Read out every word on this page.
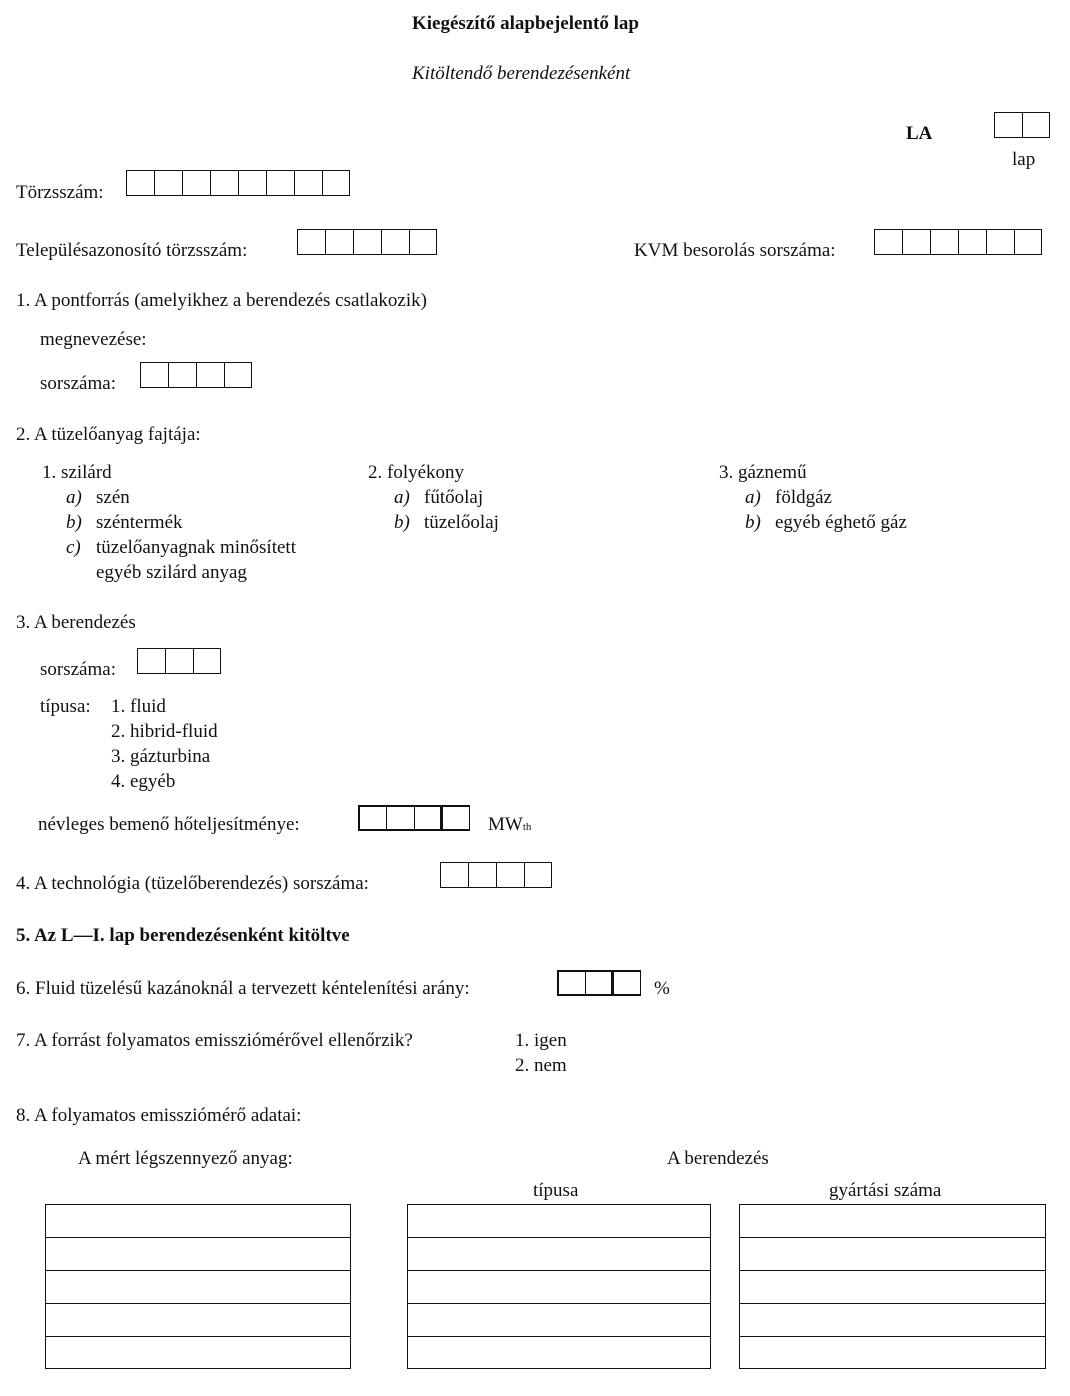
Kiegészítő alapbejelentő lap
Kitöltendő berendezésenként
LA
lap
Törzsszám:
Településazonosító törzsszám:	KVM besorolás sorszáma:
1. A pontforrás (amelyikhez a berendezés csatlakozik)
megnevezése:
sorszáma:
2. A tüzelőanyag fajtája:
1. szilárd
a) szén
b) széntermék
c) tüzelőanyagnak minősített
egyéb szilárd anyag
2. folyékony
a) fűtőolaj
b) tüzelőolaj
3. gáznemű
a) földgáz
b) egyéb éghető gáz
3. A berendezés
sorszáma:
típusa: 1. fluid
2. hibrid-fluid
3. gázturbina
4. egyéb
névleges bemenő hőteljesítménye:	MWth
4. A technológia (tüzelőberendezés) sorszáma:
5. Az L—I. lap berendezésenként kitöltve
6. Fluid tüzelésű kazánoknál a tervezett kéntelenítési arány:	%
7. A forrást folyamatos emissziómérővel ellenőrzik?	1. igen
2. nem
8. A folyamatos emissziómérő adatai:
A mért légszennyező anyag:	A berendezés
típusa	gyártási száma
